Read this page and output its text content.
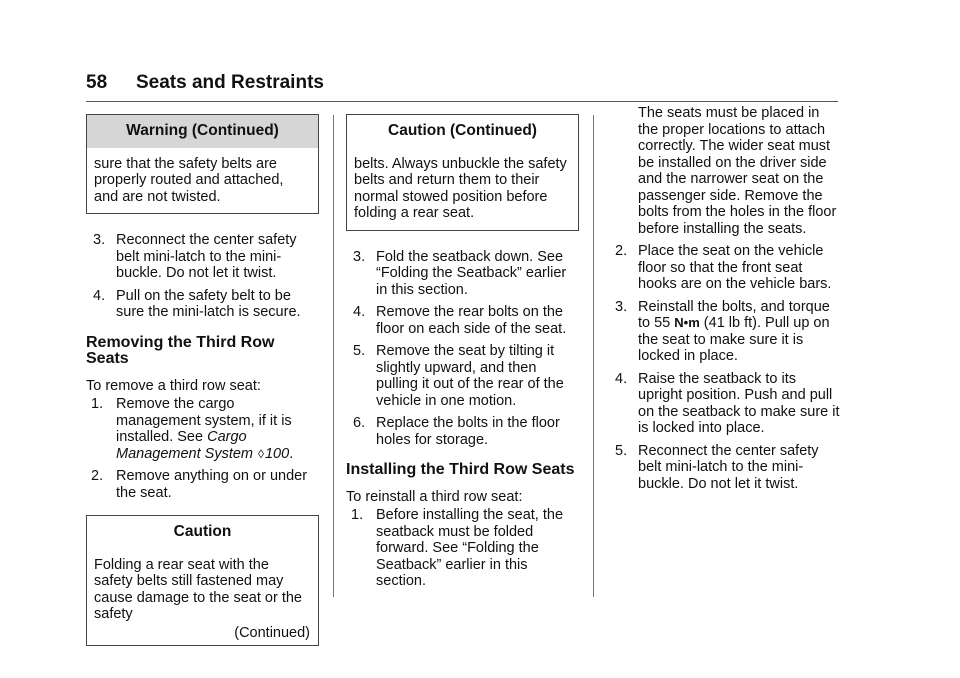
58 Seats and Restraints
Warning (Continued)

sure that the safety belts are properly routed and attached, and are not twisted.

3. Reconnect the center safety belt mini-latch to the mini-buckle. Do not let it twist.
4. Pull on the safety belt to be sure the mini-latch is secure.
Removing the Third Row Seats

To remove a third row seat:

1. Remove the cargo management system, if it is installed. See Cargo Management System ◊100.
2. Remove anything on or under the seat.
Caution

Folding a rear seat with the safety belts still fastened may cause damage to the seat or the safety

(Continued)
Caution (Continued)

belts. Always unbuckle the safety belts and return them to their normal stowed position before folding a rear seat.

3. Fold the seatback down. See “Folding the Seatback” earlier in this section.
4. Remove the rear bolts on the floor on each side of the seat.
5. Remove the seat by tilting it slightly upward, and then pulling it out of the rear of the vehicle in one motion.
6. Replace the bolts in the floor holes for storage.
Installing the Third Row Seats

To reinstall a third row seat:

1. Before installing the seat, the seatback must be folded forward. See “Folding the Seatback” earlier in this section.

The seats must be placed in the proper locations to attach correctly. The wider seat must be installed on the driver side and the narrower seat on the passenger side. Remove the bolts from the holes in the floor before installing the seats.

2. Place the seat on the vehicle floor so that the front seat hooks are on the vehicle bars.
3. Reinstall the bolts, and torque to 55 N•m (41 lb ft). Pull up on the seat to make sure it is locked in place.
4. Raise the seatback to its upright position. Push and pull on the seatback to make sure it is locked into place.
5. Reconnect the center safety belt mini-latch to the mini-buckle. Do not let it twist.
